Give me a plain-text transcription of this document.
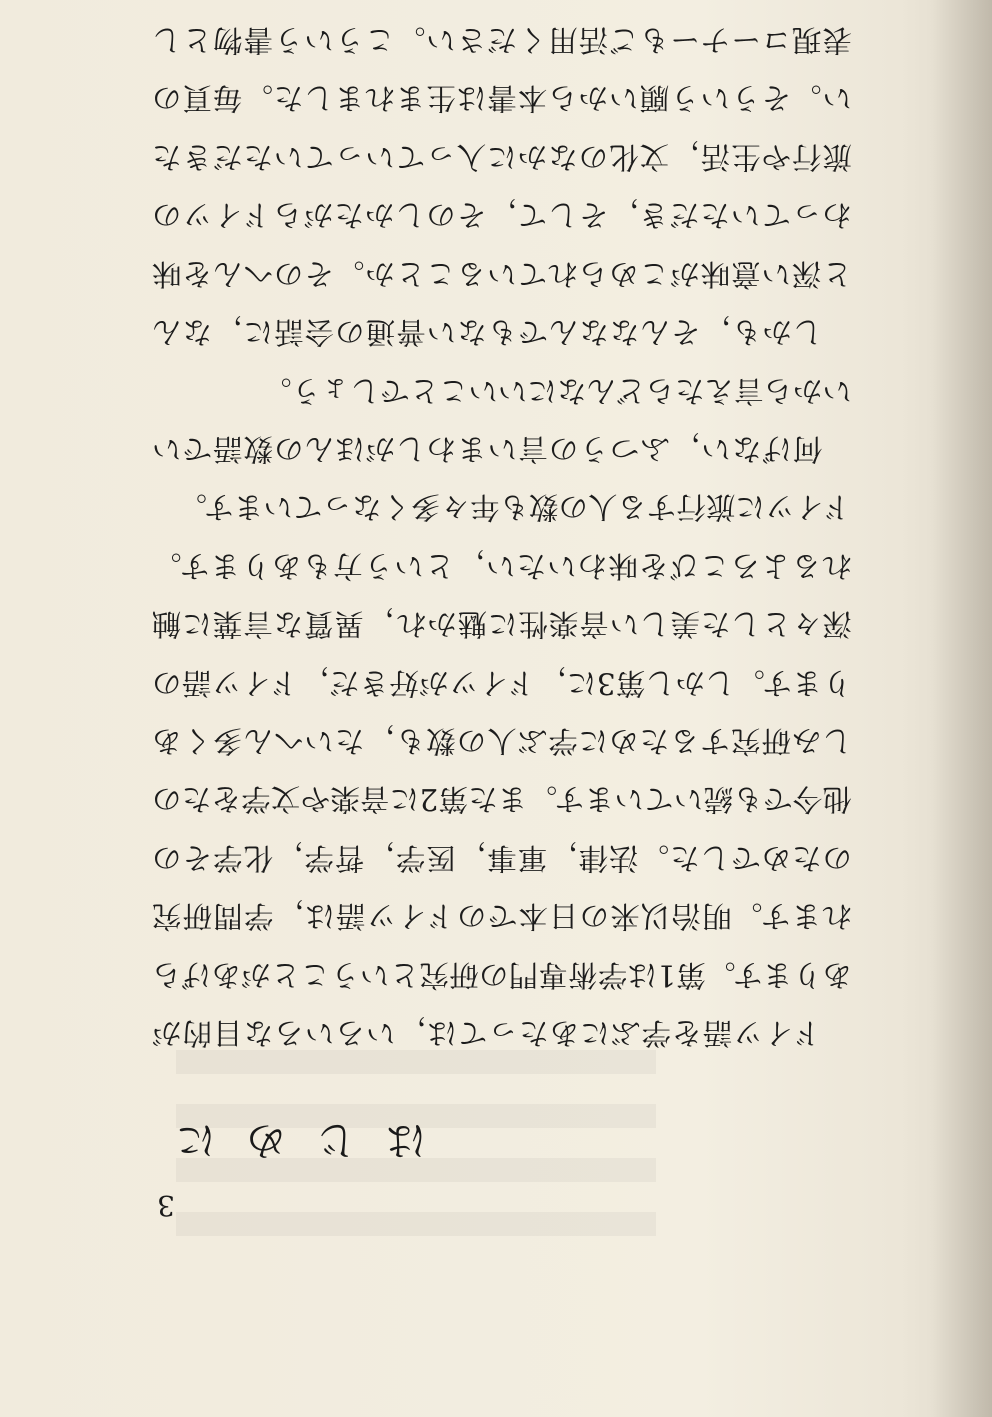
3
はじめに

ドイツ語を学ぶにあたっては，いろいろな目的があります。第1は学術専門の研究ということがあげられます。明治以来の日本でのドイツ語は，学問研究のためでした。法律，軍事，医学，哲学，化学その他今でも続いています。また第2に音楽や文学をたのしみ研究するために学ぶ人の数も，たいへん多くあります。しかし第3に，ドイツが好きだ，ドイツ語の深々とした美しい音楽性に魅かれ，異質な言葉に触れるよろこびを味わいたい，という方もあります。ドイツに旅行する人の数も年々多くなっています。

何げない，ふつうの言いまわしがほんの数語でいいから言えたらどんなにいいことでしょう。

しかも，そんななんでもない普通の会話に，なんと深い意味がこめられていることか。そのへんを味わっていただき，そして，そのしかたがらドイツの旅行や生活，文化のなかに入っていっていただきたい。そういう願いから本書は生まれました。毎頁の表現コーナーもご活用ください。こういう書物とし
